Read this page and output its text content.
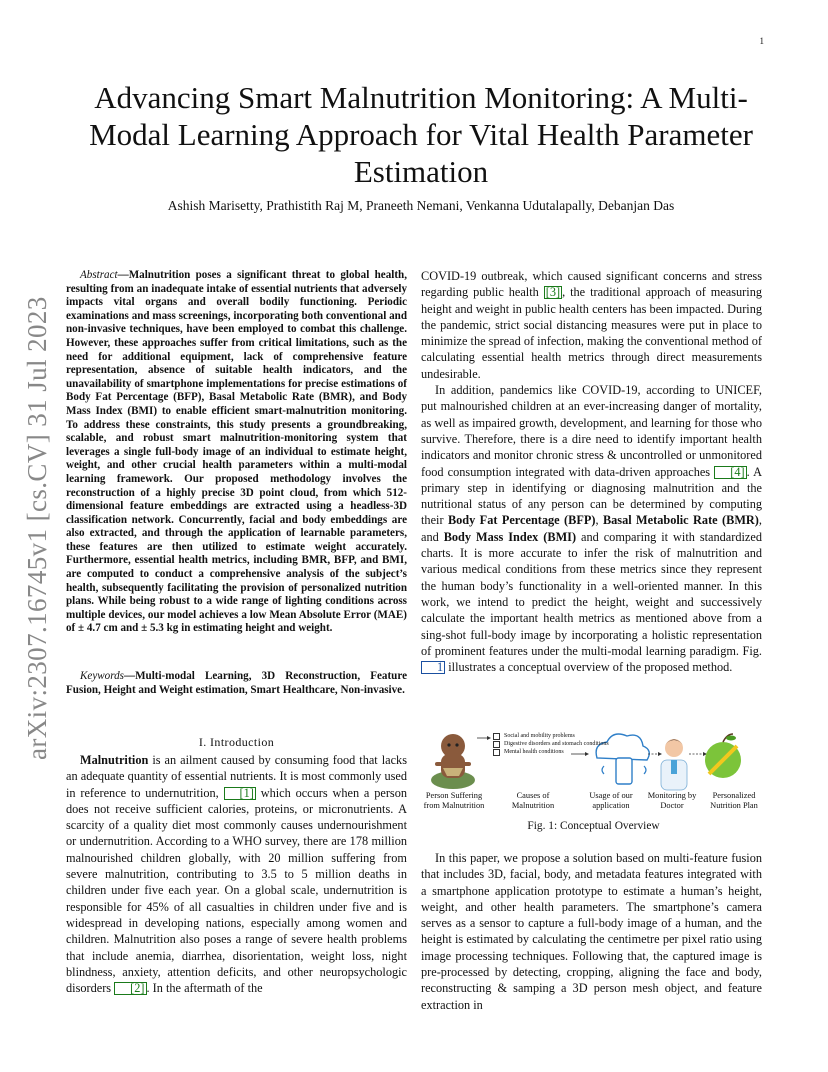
1
arXiv:2307.16745v1 [cs.CV] 31 Jul 2023
Advancing Smart Malnutrition Monitoring: A Multi-Modal Learning Approach for Vital Health Parameter Estimation
Ashish Marisetty, Prathistith Raj M, Praneeth Nemani, Venkanna Udutalapally, Debanjan Das
Abstract—Malnutrition poses a significant threat to global health, resulting from an inadequate intake of essential nutrients that adversely impacts vital organs and overall bodily functioning. Periodic examinations and mass screenings, incorporating both conventional and non-invasive techniques, have been employed to combat this challenge. However, these approaches suffer from critical limitations, such as the need for additional equipment, lack of comprehensive feature representation, absence of suitable health indicators, and the unavailability of smartphone implementations for precise estimations of Body Fat Percentage (BFP), Basal Metabolic Rate (BMR), and Body Mass Index (BMI) to enable efficient smart-malnutrition monitoring. To address these constraints, this study presents a groundbreaking, scalable, and robust smart malnutrition-monitoring system that leverages a single full-body image of an individual to estimate height, weight, and other crucial health parameters within a multi-modal learning framework. Our proposed methodology involves the reconstruction of a highly precise 3D point cloud, from which 512-dimensional feature embeddings are extracted using a headless-3D classification network. Concurrently, facial and body embeddings are also extracted, and through the application of learnable parameters, these features are then utilized to estimate weight accurately. Furthermore, essential health metrics, including BMR, BFP, and BMI, are computed to conduct a comprehensive analysis of the subject’s health, subsequently facilitating the provision of personalized nutrition plans. While being robust to a wide range of lighting conditions across multiple devices, our model achieves a low Mean Absolute Error (MAE) of ± 4.7 cm and ± 5.3 kg in estimating height and weight.
Keywords—Multi-modal Learning, 3D Reconstruction, Feature Fusion, Height and Weight estimation, Smart Healthcare, Non-invasive.
I. Introduction

Malnutrition is an ailment caused by consuming food that lacks an adequate quantity of essential nutrients. It is most commonly used in reference to undernutrition, [1] which occurs when a person does not receive sufficient calories, proteins, or micronutrients. A scarcity of a quality diet most commonly causes undernourishment or undernutrition. According to a WHO survey, there are 178 million malnourished children globally, with 20 million suffering from severe malnutrition, contributing to 3.5 to 5 million deaths in children under five each year. On a global scale, undernutrition is responsible for 45% of all casualties in children under five and is widespread in developing nations, especially among women and children. Malnutrition also poses a range of severe health problems that include anemia, diarrhea, disorientation, weight loss, night blindness, anxiety, attention deficits, and other neuropsychologic disorders [2] . In the aftermath of the

COVID-19 outbreak, which caused significant concerns and stress regarding public health [3] , the traditional approach of measuring height and weight in public health centers has been impacted. During the pandemic, strict social distancing measures were put in place to minimize the spread of infection, making the conventional method of calculating essential health metrics through direct measurements undesirable.

In addition, pandemics like COVID-19, according to UNICEF, put malnourished children at an ever-increasing danger of mortality, as well as impaired growth, development, and learning for those who survive. Therefore, there is a dire need to identify important health indicators and monitor chronic stress & uncontrolled or unmonitored food consumption integrated with data-driven approaches [4] . A primary step in identifying or diagnosing malnutrition and the nutritional status of any person can be determined by computing their Body Fat Percentage (BFP), Basal Metabolic Rate (BMR), and Body Mass Index (BMI) and comparing it with standardized charts. It is more accurate to infer the risk of malnutrition and various medical conditions from these metrics since they represent the human body’s functionality in a well-oriented manner. In this work, we intend to predict the height, weight and successively calculate the important health metrics as mentioned above from a sing-shot full-body image by incorporating a holistic representation of prominent features under the multi-modal learning paradigm. Fig. 1 illustrates a conceptual overview of the proposed method.

Social and mobility problems
Digestive disorders and stomach conditions
Mental health conditions
Person Suffering from Malnutrition
Causes of Malnutrition
Usage of our application
Monitoring by Doctor
Personalized Nutrition Plan
Fig. 1: Conceptual Overview

In this paper, we propose a solution based on multi-feature fusion that includes 3D, facial, body, and metadata features integrated with a smartphone application prototype to estimate a human’s height, weight, and other health parameters. The smartphone’s camera serves as a sensor to capture a full-body image of a human, and the height is estimated by calculating the centimetre per pixel ratio using image processing techniques. Following that, the captured image is pre-processed by detecting, cropping, aligning the face and body, reconstructing & samping a 3D person mesh object, and feature extraction in
